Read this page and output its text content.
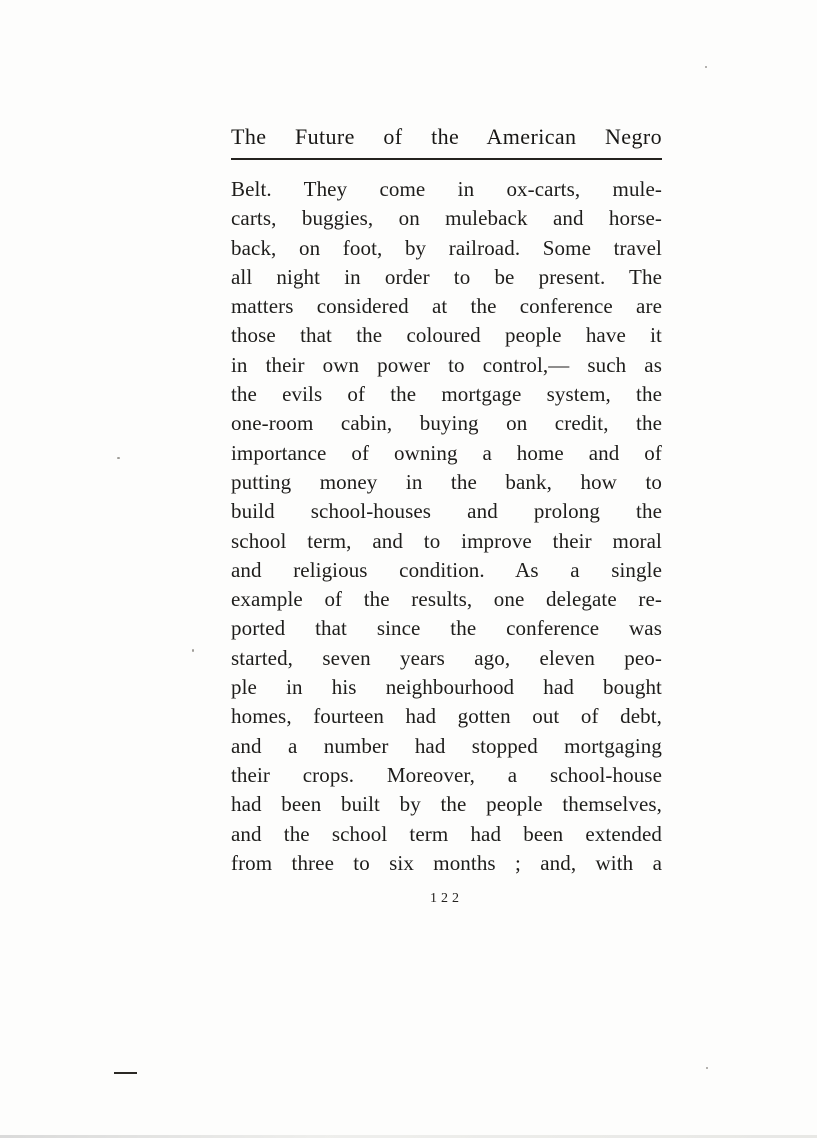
The Future of the American Negro
Belt. They come in ox-carts, mule-
carts, buggies, on muleback and horse-
back, on foot, by railroad. Some travel
all night in order to be present. The
matters considered at the conference are
those that the coloured people have it
in their own power to control,— such as
the evils of the mortgage system, the
one-room cabin, buying on credit, the
importance of owning a home and of
putting money in the bank, how to
build school-houses and prolong the
school term, and to improve their moral
and religious condition. As a single
example of the results, one delegate re-
ported that since the conference was
started, seven years ago, eleven peo-
ple in his neighbourhood had bought
homes, fourteen had gotten out of debt,
and a number had stopped mortgaging
their crops. Moreover, a school-house
had been built by the people themselves,
and the school term had been extended
from three to six months ; and, with a
122
